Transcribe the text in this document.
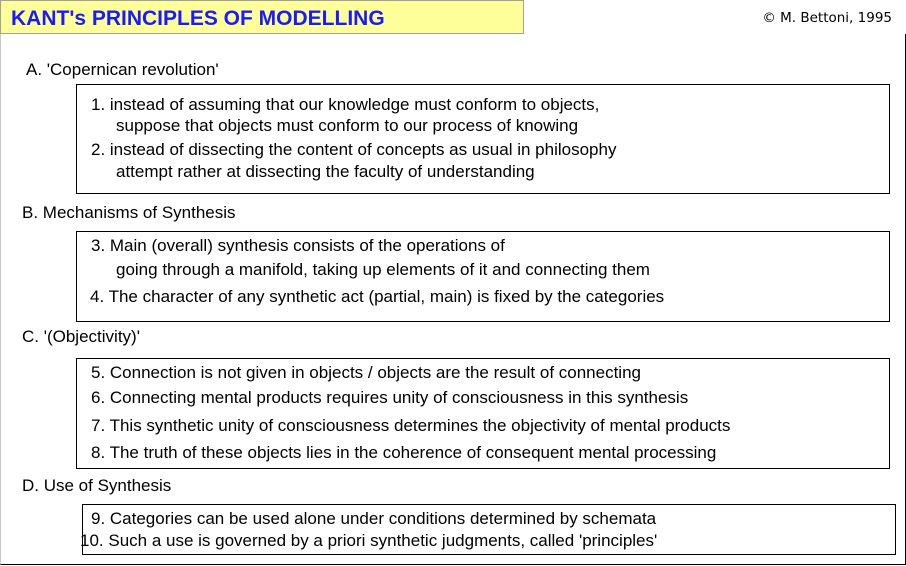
KANT's PRINCIPLES OF MODELLING	© M. Bettoni, 1995
A. 'Copernican revolution'
1. instead of assuming that our knowledge must conform to objects,
suppose that objects must conform to our process of knowing
2. instead of dissecting the content of concepts as usual in philosophy
attempt rather at dissecting the faculty of understanding
B. Mechanisms of Synthesis
3. Main (overall) synthesis consists of the operations of
going through a manifold, taking up elements of it and connecting them
4. The character of any synthetic act (partial, main) is fixed by the categories
C. '(Objectivity)'
5. Connection is not given in objects / objects are the result of connecting
6. Connecting mental products requires unity of consciousness in this synthesis
7. This synthetic unity of consciousness determines the objectivity of mental products
8. The truth of these objects lies in the coherence of consequent mental processing
D. Use of Synthesis
9. Categories can be used alone under conditions determined by schemata
10. Such a use is governed by a priori synthetic judgments, called 'principles'
